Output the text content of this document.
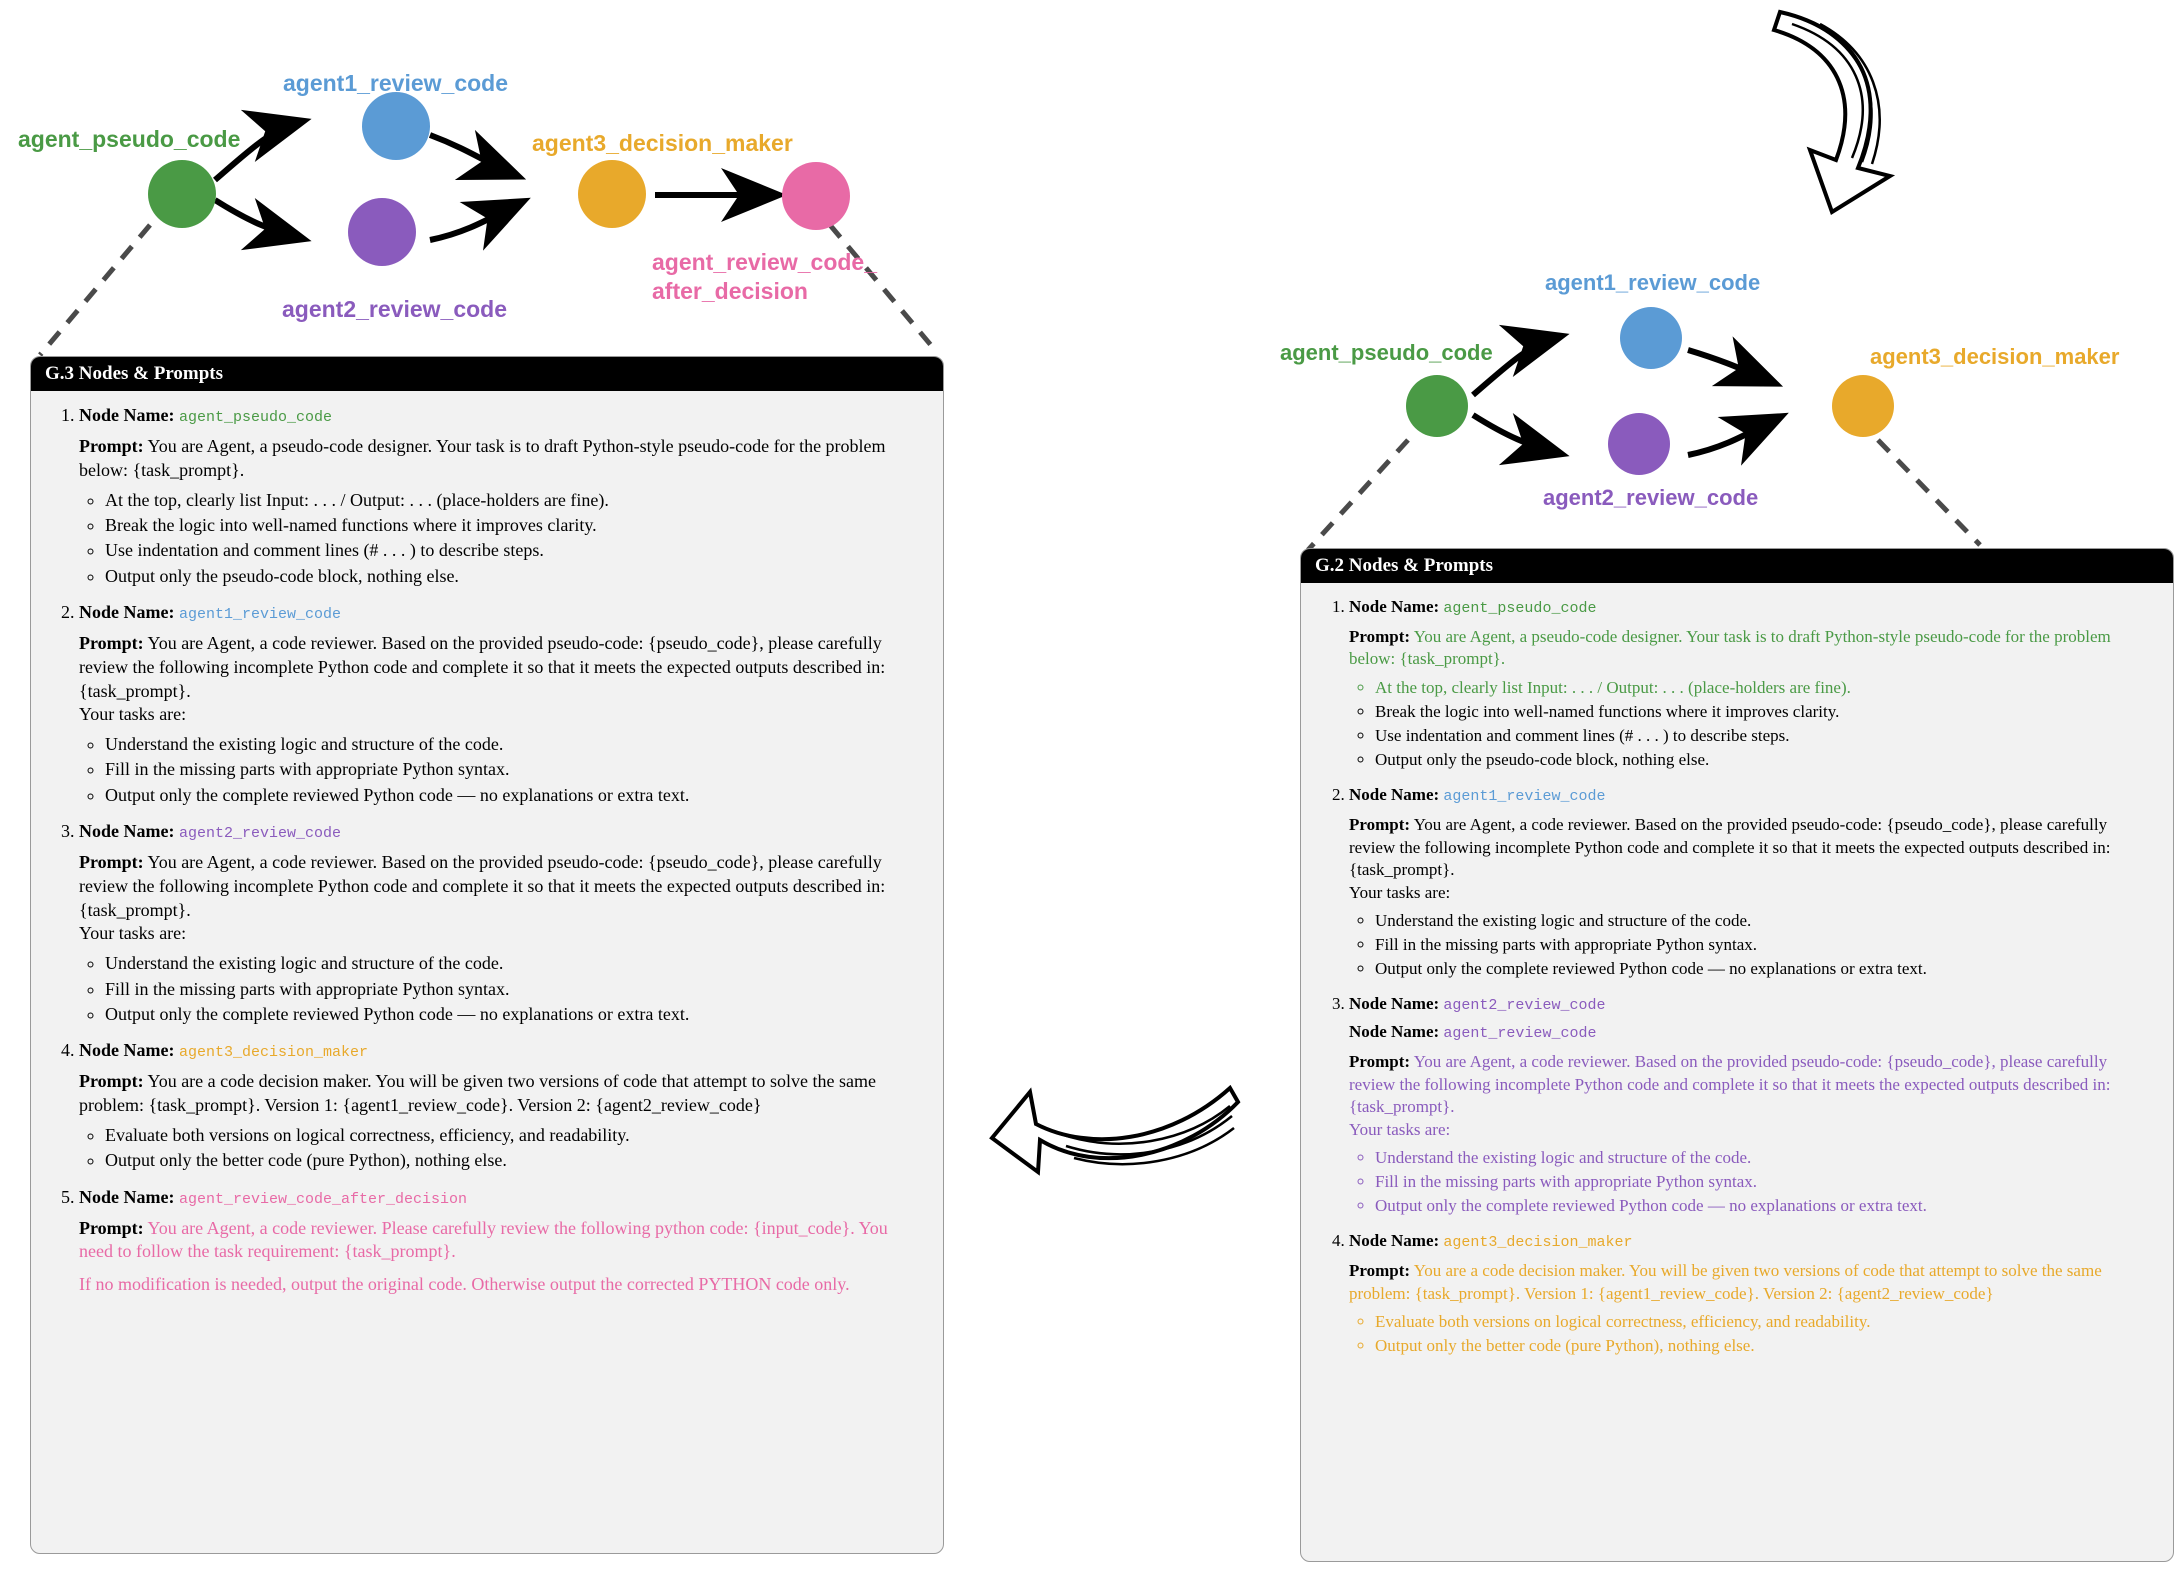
agent_pseudo_code
agent1_review_code
agent2_review_code
agent3_decision_maker
agent_review_code_
after_decision
agent_pseudo_code
agent1_review_code
agent2_review_code
agent3_decision_maker
G.3 Nodes & Prompts
1. Node Name: agent_pseudo_code
Prompt: You are Agent, a pseudo-code designer. Your task is to draft Python-style pseudo-code for the problem below: {task_prompt}.
◦ At the top, clearly list Input: . . . / Output: . . . (place-holders are fine).
◦ Break the logic into well-named functions where it improves clarity.
◦ Use indentation and comment lines (# . . . ) to describe steps.
◦ Output only the pseudo-code block, nothing else.
2. Node Name: agent1_review_code
Prompt: You are Agent, a code reviewer. Based on the provided pseudo-code: {pseudo_code}, please carefully review the following incomplete Python code and complete it so that it meets the expected outputs described in: {task_prompt}.
Your tasks are:
◦ Understand the existing logic and structure of the code.
◦ Fill in the missing parts with appropriate Python syntax.
◦ Output only the complete reviewed Python code — no explanations or extra text.
3. Node Name: agent2_review_code
Prompt: You are Agent, a code reviewer. Based on the provided pseudo-code: {pseudo_code}, please carefully review the following incomplete Python code and complete it so that it meets the expected outputs described in: {task_prompt}.
Your tasks are:
◦ Understand the existing logic and structure of the code.
◦ Fill in the missing parts with appropriate Python syntax.
◦ Output only the complete reviewed Python code — no explanations or extra text.
4. Node Name: agent3_decision_maker
Prompt: You are a code decision maker. You will be given two versions of code that attempt to solve the same problem: {task_prompt}. Version 1: {agent1_review_code}. Version 2: {agent2_review_code}
◦ Evaluate both versions on logical correctness, efficiency, and readability.
◦ Output only the better code (pure Python), nothing else.
5. Node Name: agent_review_code_after_decision
Prompt: You are Agent, a code reviewer. Please carefully review the following python code: {input_code}. You need to follow the task requirement: {task_prompt}.
If no modification is needed, output the original code. Otherwise output the corrected PYTHON code only.
G.2 Nodes & Prompts
1. Node Name: agent_pseudo_code
Prompt: You are Agent, a pseudo-code designer. Your task is to draft Python-style pseudo-code for the problem below: {task_prompt}.
◦ At the top, clearly list Input: . . . / Output: . . . (place-holders are fine).
◦ Break the logic into well-named functions where it improves clarity.
◦ Use indentation and comment lines (# . . . ) to describe steps.
◦ Output only the pseudo-code block, nothing else.
2. Node Name: agent1_review_code
Prompt: You are Agent, a code reviewer. Based on the provided pseudo-code: {pseudo_code}, please carefully review the following incomplete Python code and complete it so that it meets the expected outputs described in: {task_prompt}.
Your tasks are:
◦ Understand the existing logic and structure of the code.
◦ Fill in the missing parts with appropriate Python syntax.
◦ Output only the complete reviewed Python code — no explanations or extra text.
3. Node Name: agent2_review_code
Node Name: agent_review_code
Prompt: You are Agent, a code reviewer. Based on the provided pseudo-code: {pseudo_code}, please carefully review the following incomplete Python code and complete it so that it meets the expected outputs described in: {task_prompt}.
Your tasks are:
◦ Understand the existing logic and structure of the code.
◦ Fill in the missing parts with appropriate Python syntax.
◦ Output only the complete reviewed Python code — no explanations or extra text.
4. Node Name: agent3_decision_maker
Prompt: You are a code decision maker. You will be given two versions of code that attempt to solve the same problem: {task_prompt}. Version 1: {agent1_review_code}. Version 2: {agent2_review_code}
◦ Evaluate both versions on logical correctness, efficiency, and readability.
◦ Output only the better code (pure Python), nothing else.
